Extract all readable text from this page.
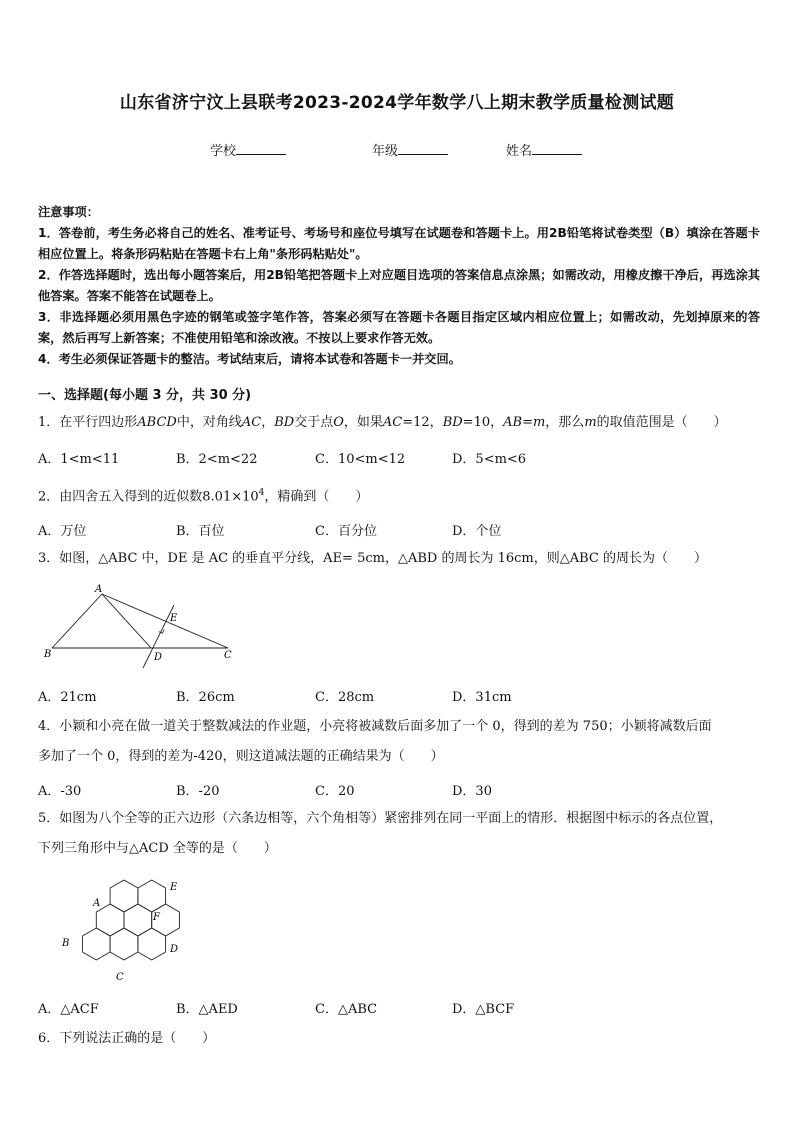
山东省济宁汶上县联考2023-2024学年数学八上期末教学质量检测试题
学校	年级	姓名

注意事项：

1．答卷前，考生务必将自己的姓名、准考证号、考场号和座位号填写在试题卷和答题卡上。用2B铅笔将试卷类型（B）填涂在答题卡相应位置上。将条形码粘贴在答题卡右上角"条形码粘贴处"。

2．作答选择题时，选出每小题答案后，用2B铅笔把答题卡上对应题目选项的答案信息点涂黑；如需改动，用橡皮擦干净后，再选涂其他答案。答案不能答在试题卷上。

3．非选择题必须用黑色字迹的钢笔或签字笔作答，答案必须写在答题卡各题目指定区域内相应位置上；如需改动，先划掉原来的答案，然后再写上新答案；不准使用铅笔和涂改液。不按以上要求作答无效。

4．考生必须保证答题卡的整洁。考试结束后，请将本试卷和答题卡一并交回。

一、选择题(每小题 3 分，共 30 分)
1．在平行四边形ABCD中，对角线AC，BD交于点O，如果AC=12，BD=10，AB=m，那么m的取值范围是（　　）
A．1<m<11	B．2<m<22	C．10<m<12	D．5<m<6
2．由四舍五入得到的近似数$8.01\times 10^4$，精确到（　　）
A．万位	B．百位	C．百分位	D．个位
3．如图，△ABC 中，DE 是 AC 的垂直平分线，AE= 5cm，△ABD 的周长为 16cm，则△ABC 的周长为（　　）
A
B	C
D
E
A．21cm	B．26cm	C．28cm	D．31cm
4．小颖和小亮在做一道关于整数减法的作业题，小亮将被减数后面多加了一个 0，得到的差为 750；小颖将减数后面
多加了一个 0，得到的差为-420，则这道减法题的正确结果为（　　）
A．-30	B．-20	C．20	D．30
5．如图为八个全等的正六边形（六条边相等，六个角相等）紧密排列在同一平面上的情形．根据图中标示的各点位置，
下列三角形中与△ACD 全等的是（　　）
A
B
C
D
E
F
A．△ACF	B．△AED	C．△ABC	D．△BCF
6．下列说法正确的是（　　）
